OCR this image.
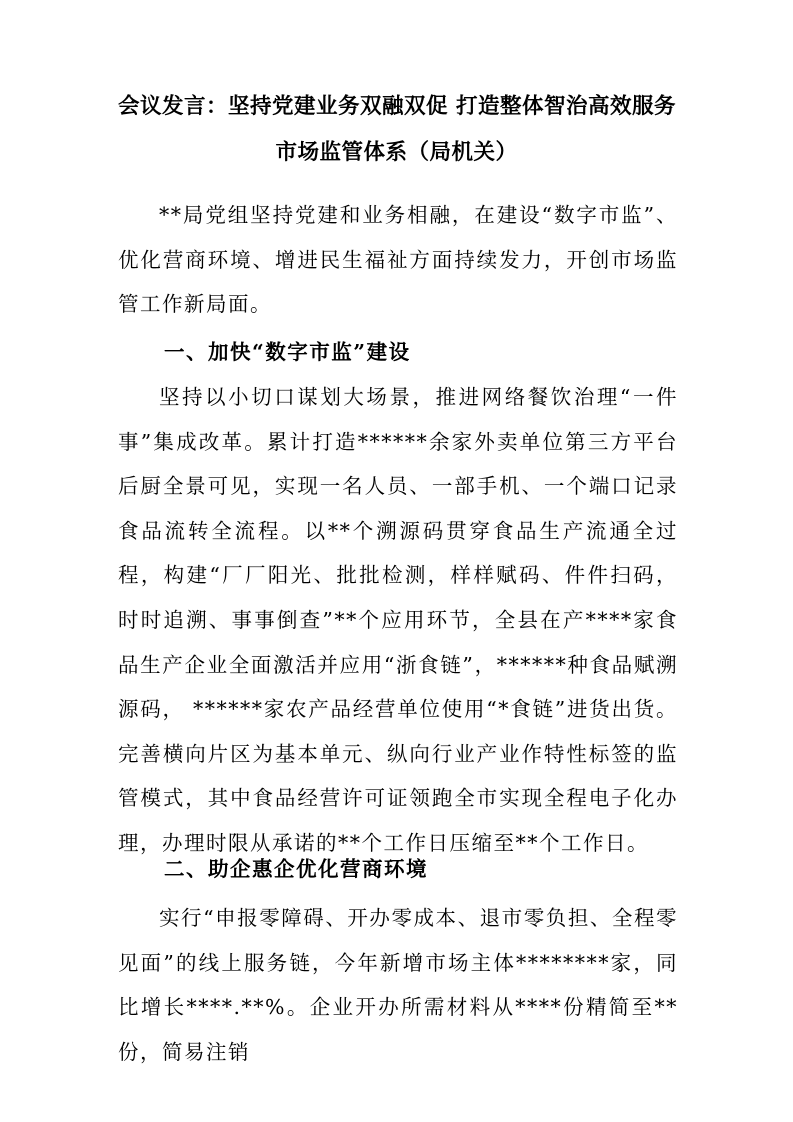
会议发言：坚持党建业务双融双促 打造整体智治高效服务
市场监管体系（局机关）

**局党组坚持党建和业务相融，在建设“数字市监”、优化营商环境、增进民生福祉方面持续发力，开创市场监管工作新局面。

一、加快“数字市监”建设

坚持以小切口谋划大场景，推进网络餐饮治理“一件事”集成改革。累计打造******余家外卖单位第三方平台后厨全景可见，实现一名人员、一部手机、一个端口记录食品流转全流程。以**个溯源码贯穿食品生产流通全过程，构建“厂厂阳光、批批检测，样样赋码、件件扫码，时时追溯、事事倒查”**个应用环节，全县在产****家食品生产企业全面激活并应用“浙食链”，******种食品赋溯源码， ******家农产品经营单位使用“*食链”进货出货。完善横向片区为基本单元、纵向行业产业作特性标签的监管模式，其中食品经营许可证领跑全市实现全程电子化办理，办理时限从承诺的**个工作日压缩至**个工作日。

二、助企惠企优化营商环境

实行“申报零障碍、开办零成本、退市零负担、全程零见面”的线上服务链，今年新增市场主体********家，同比增长****.**%。企业开办所需材料从****份精简至**份，简易注销
